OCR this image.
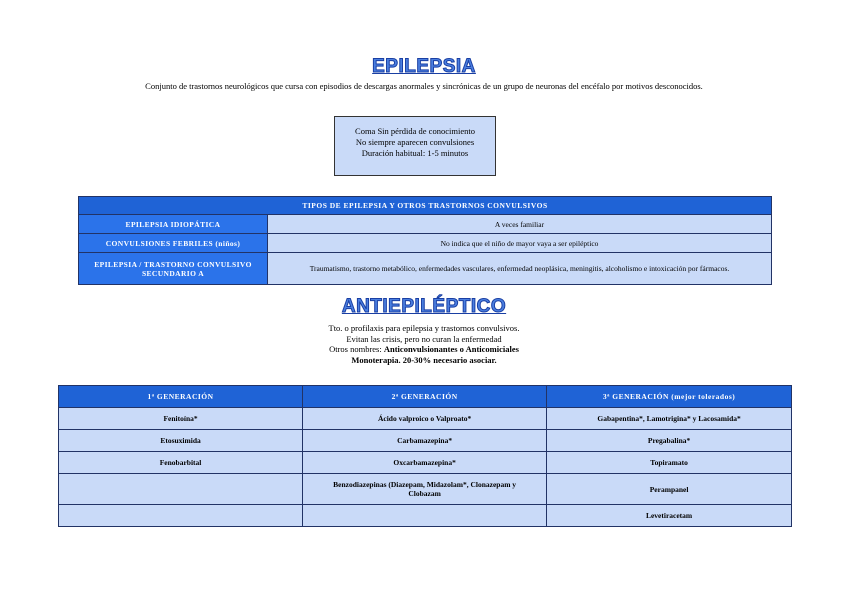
EPILEPSIA
Conjunto de trastornos neurológicos que cursa con episodios de descargas anormales y sincrónicas de un grupo de neuronas del encéfalo por motivos desconocidos.
Coma Sin pérdida de conocimiento
No siempre aparecen convulsiones
Duración habitual: 1-5 minutos
TIPOS DE EPILEPSIA Y OTROS TRASTORNOS CONVULSIVOS	
EPILEPSIA IDIOPÁTICA	A veces familiar
CONVULSIONES FEBRILES (niños)	No indica que el niño de mayor vaya a ser epiléptico
EPILEPSIA / TRASTORNO CONVULSIVO SECUNDARIO A	Traumatismo, trastorno metabólico, enfermedades vasculares, enfermedad neoplásica, meningitis, alcoholismo e intoxicación por fármacos.
ANTIEPILÉPTICO
Tto. o profilaxis para epilepsia y trastornos convulsivos.
Evitan las crisis, pero no curan la enfermedad
Otros nombres: Anticonvulsionantes o Anticomiciales
Monoterapia. 20-30% necesario asociar.
1ª GENERACIÓN	2ª GENERACIÓN	3ª GENERACIÓN (mejor tolerados)
Fenitoína*	Ácido valproico o Valproato*	Gabapentina*, Lamotrigina* y Lacosamida*
Etosuximida	Carbamazepina*	Pregabalina*
Fenobarbital	Oxcarbamazepina*	Topiramato
	Benzodiazepinas (Diazepam, Midazolam*, Clonazepam y Clobazam	Perampanel
		Levetiracetam
